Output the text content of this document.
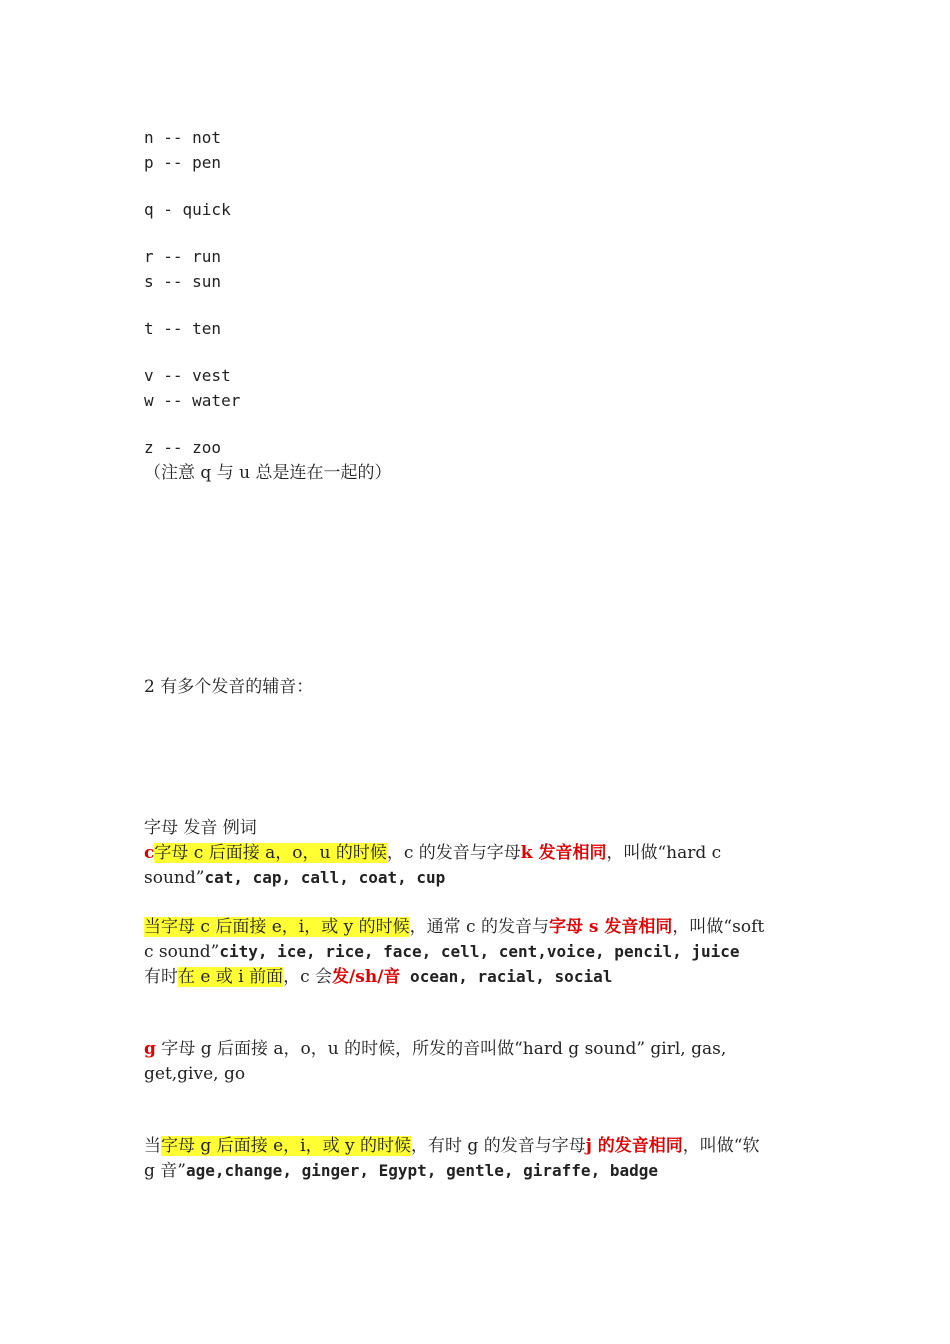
n -- not
p -- pen
q - quick
r -- run
s -- sun
t -- ten
v -- vest
w -- water
z -- zoo
（注意 q 与 u 总是连在一起的）
2 有多个发音的辅音：
字母 发音 例词
c字母 c 后面接 a，o，u 的时候，c 的发音与字母k 发音相同，叫做“hard c
sound”cat, cap, call, coat, cup
当字母 c 后面接 e，i，或 y 的时候，通常 c 的发音与字母 s 发音相同，叫做“soft
c sound”city, ice, rice, face, cell, cent,voice, pencil, juice
有时在 e 或 i 前面，c 会发/sh/音 ocean, racial, social
g 字母 g 后面接 a，o，u 的时候，所发的音叫做“hard g sound” girl, gas,
get,give, go
当字母 g 后面接 e，i，或 y 的时候，有时 g 的发音与字母j 的发音相同，叫做“软
g 音”age,change, ginger, Egypt, gentle, giraffe, badge
